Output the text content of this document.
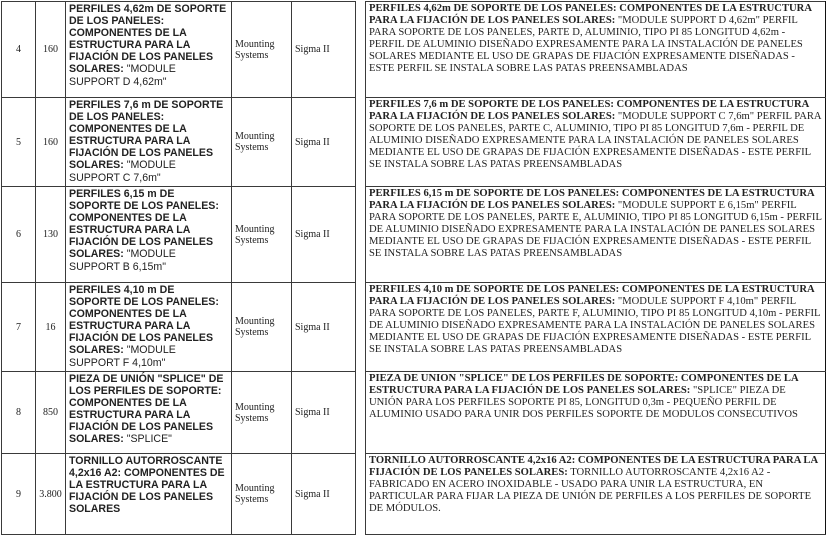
4	160	PERFILES 4,62m DE SOPORTE DE LOS PANELES: COMPONENTES DE LA ESTRUCTURA PARA LA FIJACIÓN DE LOS PANELES SOLARES: "MODULE SUPPORT D 4,62m"	Mounting Systems	Sigma II		PERFILES 4,62m DE SOPORTE DE LOS PANELES: COMPONENTES DE LA ESTRUCTURA PARA LA FIJACIÓN DE LOS PANELES SOLARES: "MODULE SUPPORT D 4,62m" PERFIL PARA SOPORTE DE LOS PANELES, PARTE D, ALUMINIO, TIPO PI 85 LONGITUD 4,62m - PERFIL DE ALUMINIO DISEÑADO EXPRESAMENTE PARA LA INSTALACIÓN DE PANELES SOLARES MEDIANTE EL USO DE GRAPAS DE FIJACIÓN EXPRESAMENTE DISEÑADAS - ESTE PERFIL SE INSTALA SOBRE LAS PATAS PREENSAMBLADAS
5	160	PERFILES 7,6 m DE SOPORTE DE LOS PANELES: COMPONENTES DE LA ESTRUCTURA PARA LA FIJACIÓN DE LOS PANELES SOLARES: "MODULE SUPPORT C 7,6m"	Mounting Systems	Sigma II		PERFILES 7,6 m DE SOPORTE DE LOS PANELES: COMPONENTES DE LA ESTRUCTURA PARA LA FIJACIÓN DE LOS PANELES SOLARES: "MODULE SUPPORT C 7,6m" PERFIL PARA SOPORTE DE LOS PANELES, PARTE C, ALUMINIO, TIPO PI 85 LONGITUD 7,6m - PERFIL DE ALUMINIO DISEÑADO EXPRESAMENTE PARA LA INSTALACIÓN DE PANELES SOLARES MEDIANTE EL USO DE GRAPAS DE FIJACIÓN EXPRESAMENTE DISEÑADAS - ESTE PERFIL SE INSTALA SOBRE LAS PATAS PREENSAMBLADAS
6	130	PERFILES 6,15 m DE SOPORTE DE LOS PANELES: COMPONENTES DE LA ESTRUCTURA PARA LA FIJACIÓN DE LOS PANELES SOLARES: "MODULE SUPPORT B 6,15m"	Mounting Systems	Sigma II		PERFILES 6,15 m DE SOPORTE DE LOS PANELES: COMPONENTES DE LA ESTRUCTURA PARA LA FIJACIÓN DE LOS PANELES SOLARES: "MODULE SUPPORT E 6,15m" PERFIL PARA SOPORTE DE LOS PANELES, PARTE E, ALUMINIO, TIPO PI 85 LONGITUD 6,15m - PERFIL DE ALUMINIO DISEÑADO EXPRESAMENTE PARA LA INSTALACIÓN DE PANELES SOLARES MEDIANTE EL USO DE GRAPAS DE FIJACIÓN EXPRESAMENTE DISEÑADAS - ESTE PERFIL SE INSTALA SOBRE LAS PATAS PREENSAMBLADAS
7	16	PERFILES 4,10 m DE SOPORTE DE LOS PANELES: COMPONENTES DE LA ESTRUCTURA PARA LA FIJACIÓN DE LOS PANELES SOLARES: "MODULE SUPPORT F 4,10m"	Mounting Systems	Sigma II		PERFILES 4,10 m DE SOPORTE DE LOS PANELES: COMPONENTES DE LA ESTRUCTURA PARA LA FIJACIÓN DE LOS PANELES SOLARES: "MODULE SUPPORT F 4,10m" PERFIL PARA SOPORTE DE LOS PANELES, PARTE F, ALUMINIO, TIPO PI 85 LONGITUD 4,10m - PERFIL DE ALUMINIO DISEÑADO EXPRESAMENTE PARA LA INSTALACIÓN DE PANELES SOLARES MEDIANTE EL USO DE GRAPAS DE FIJACIÓN EXPRESAMENTE DISEÑADAS - ESTE PERFIL SE INSTALA SOBRE LAS PATAS PREENSAMBLADAS
8	850	PIEZA DE UNIÓN "SPLICE" DE LOS PERFILES DE SOPORTE: COMPONENTES DE LA ESTRUCTURA PARA LA FIJACIÓN DE LOS PANELES SOLARES: "SPLICE"	Mounting Systems	Sigma II		PIEZA DE UNION "SPLICE" DE LOS PERFILES DE SOPORTE: COMPONENTES DE LA ESTRUCTURA PARA LA FIJACIÓN DE LOS PANELES SOLARES: "SPLICE" PIEZA DE UNIÓN PARA LOS PERFILES SOPORTE PI 85, LONGITUD 0,3m - PEQUEÑO PERFIL DE ALUMINIO USADO PARA UNIR DOS PERFILES SOPORTE DE MODULOS CONSECUTIVOS
9	3.800	TORNILLO AUTORROSCANTE 4,2x16 A2: COMPONENTES DE LA ESTRUCTURA PARA LA FIJACIÓN DE LOS PANELES SOLARES	Mounting Systems	Sigma II		TORNILLO AUTORROSCANTE 4,2x16 A2: COMPONENTES DE LA ESTRUCTURA PARA LA FIJACIÓN DE LOS PANELES SOLARES: TORNILLO AUTORROSCANTE 4,2x16 A2 - FABRICADO EN ACERO INOXIDABLE - USADO PARA UNIR LA ESTRUCTURA, EN PARTICULAR PARA FIJAR LA PIEZA DE UNIÓN DE PERFILES A LOS PERFILES DE SOPORTE DE MÓDULOS.
